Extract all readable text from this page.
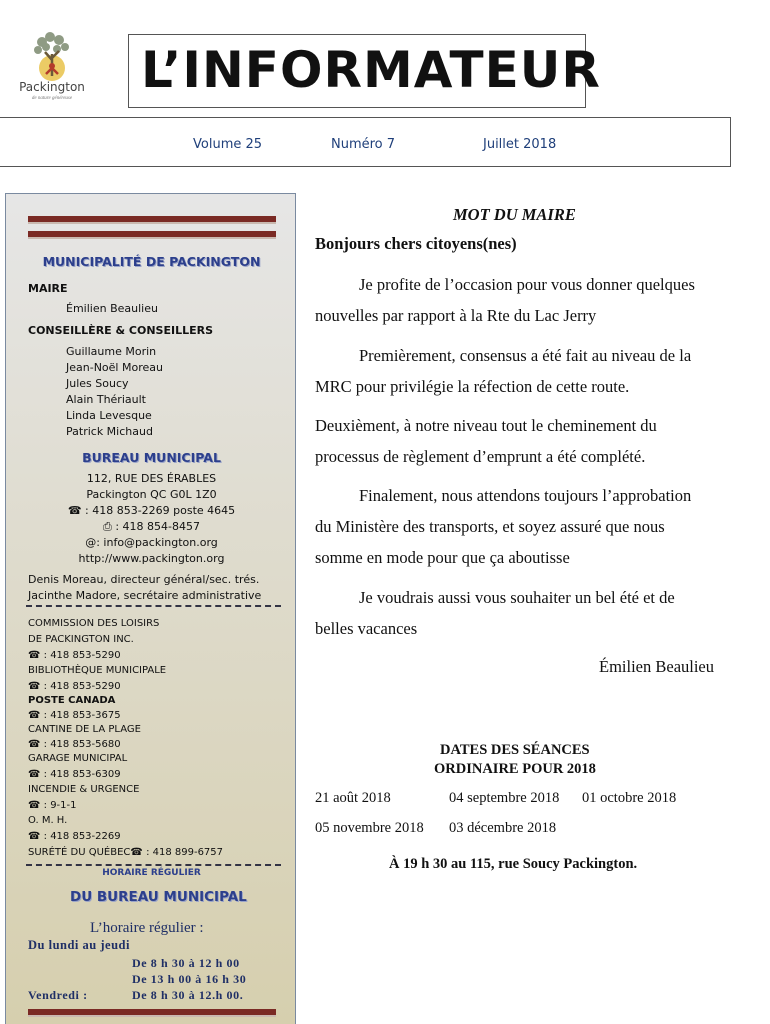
Packington
de nature généreuse	L’INFORMATEUR
Volume 25	Numéro 7	Juillet 2018
MUNICIPALITÉ DE PACKINGTON
MAIRE
Émilien Beaulieu
CONSEILLÈRE & CONSEILLERS
Guillaume Morin
Jean-Noël Moreau
Jules Soucy
Alain Thériault
Linda Levesque
Patrick Michaud
BUREAU MUNICIPAL
112, RUE DES ÉRABLES
Packington QC G0L 1Z0
☎ : 418 853-2269 poste 4645
⎙ : 418 854-8457
@: info@packington.org
http://www.packington.org
Denis Moreau, directeur général/sec. trés.
Jacinthe Madore, secrétaire administrative
COMMISSION DES LOISIRS
DE PACKINGTON INC.
☎ : 418 853-5290
BIBLIOTHÈQUE MUNICIPALE
☎ : 418 853-5290
POSTE CANADA
☎ : 418 853-3675
CANTINE DE LA PLAGE
☎ : 418 853-5680
GARAGE MUNICIPAL
☎ : 418 853-6309
INCENDIE & URGENCE
☎ : 9-1-1
O. M. H.
☎ : 418 853-2269
SURÉTÉ DU QUÉBEC☎ : 418 899-6757
HORAIRE RÉGULIER
DU BUREAU MUNICIPAL
L’horaire régulier :
Du lundi au jeudi
De 8 h 30 à 12 h 00
De 13 h 00 à 16 h 30
Vendredi :	De 8 h 30 à 12.h 00.
MOT DU MAIRE
Bonjours chers citoyens(nes)
Je profite de l’occasion pour vous donner quelques
nouvelles par rapport à la Rte du Lac Jerry
Premièrement, consensus a été fait au niveau de la
MRC pour privilégie la réfection de cette route.
Deuxièment, à notre niveau tout le cheminement du
processus de règlement d’emprunt a été complété.
Finalement, nous attendons toujours l’approbation
du Ministère des transports, et soyez assuré que nous
somme en mode pour que ça aboutisse
Je voudrais aussi vous souhaiter un bel été et de
belles vacances
Émilien Beaulieu
DATES DES SÉANCES
ORDINAIRE POUR 2018
21 août 2018	04 septembre 2018 01 octobre 2018
05 novembre 2018 03 décembre 2018
À 19 h 30 au 115, rue Soucy Packington.
